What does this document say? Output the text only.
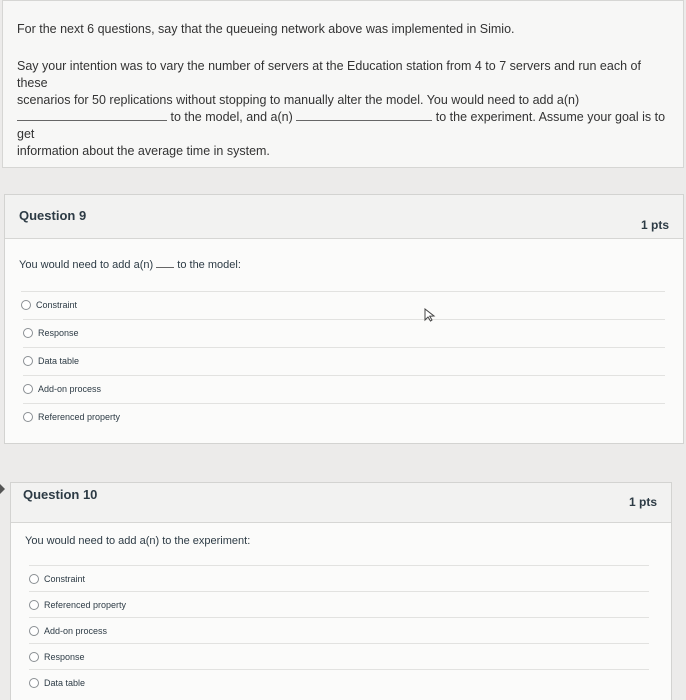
For the next 6 questions, say that the queueing network above was implemented in Simio.

Say your intention was to vary the number of servers at the Education station from 4 to 7 servers and run each of these
scenarios for 50 replications without stopping to manually alter the model. You would need to add a(n)
to the model, and a(n)	to the experiment. Assume your goal is to get
information about the average time in system.
Question 9
1 pts
You would need to add a(n) to the model:
Constraint
Response
Data table
Add-on process
Referenced property
Question 10	1 pts
You would need to add a(n) to the experiment:
Constraint
Referenced property
Add-on process
Response
Data table
